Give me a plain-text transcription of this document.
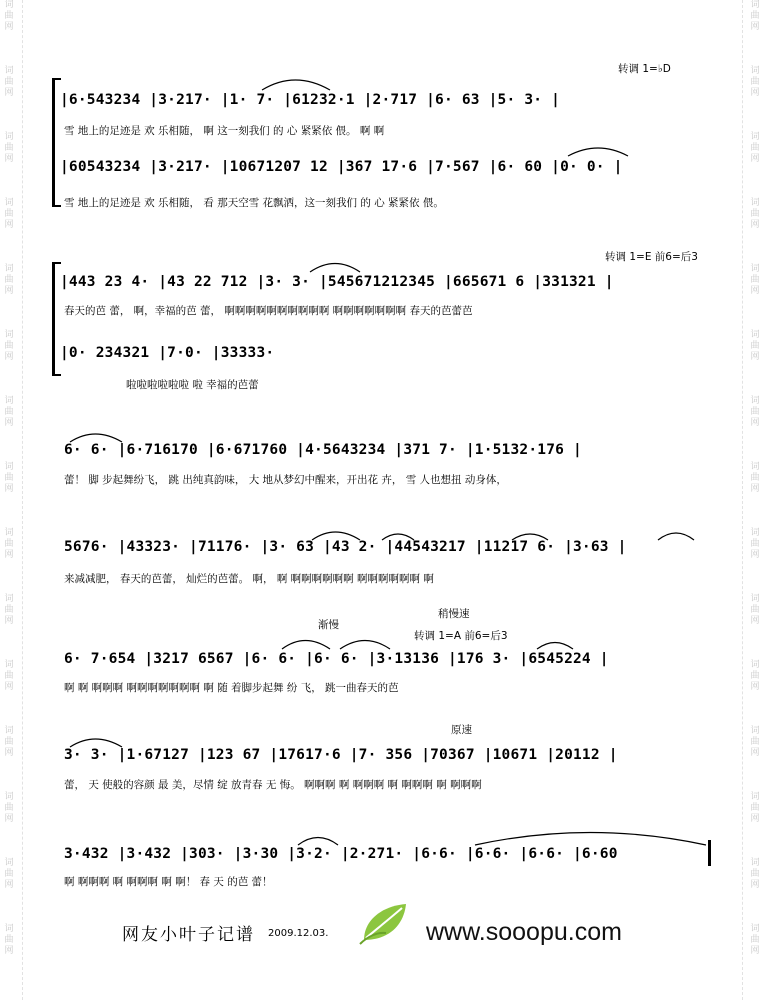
词
曲
网
词
曲
网
词
曲
网
词
曲
网
词
曲
网
词
曲
网
词
曲
网
词
曲
网
词
曲
网
词
曲
网
词
曲
网
词
曲
网
词
曲
网
词
曲
网
词
曲
网
词
曲
网
词
曲
网
词
曲
网
词
曲
网
词
曲
网
词
曲
网
词
曲
网
词
曲
网
词
曲
网
词
曲
网
词
曲
网
词
曲
网
词
曲
网
词
曲
网
词
曲
网
转调 1=♭D
|6·543234 |3·217· |1· 7· |61232·1 |2·717 |6· 63 |5· 3· |
雪 地上的足迹是 欢 乐相随， 啊 这一刻我们 的 心 紧紧依 偎。 啊 啊
|60543234 |3·217· |10671207 12 |367 17·6 |7·567 |6· 60 |0· 0· |
雪 地上的足迹是 欢 乐相随， 看 那天空雪 花飘洒，这一刻我们 的 心 紧紧依 偎。
转调 1=E 前6=后3
|443 23 4· |43 22 712 |3· 3· |545671212345 |665671 6 |331321 |
春天的芭 蕾， 啊，幸福的芭 蕾， 啊啊啊啊啊啊啊啊啊啊 啊啊啊啊啊啊啊 春天的芭蕾芭
|0· 234321 |7·0· |33333·
啦啦啦啦啦啦 啦 幸福的芭蕾
6· 6· |6·716170 |6·671760 |4·5643234 |371 7· |1·5132·176 |
蕾！ 脚 步起舞纷飞， 跳 出纯真韵味， 大 地从梦幻中醒来，开出花 卉， 雪 人也想扭 动身体，
5676· |43323· |71176· |3· 63 |43 2· |44543217 |11217 6· |3·63 |
来减减肥， 春天的芭蕾， 灿烂的芭蕾。 啊， 啊 啊啊啊啊啊啊 啊啊啊啊啊啊 啊
渐慢
稍慢速
转调 1=A 前6=后3
6· 7·654 |3217 6567 |6· 6· |6· 6· |3·13136 |176 3· |6545224 |
啊 啊 啊啊啊 啊啊啊啊啊啊啊 啊 随 着脚步起舞 纷 飞， 跳一曲春天的芭
原速
3· 3· |1·67127 |123 67 |17617·6 |7· 356 |70367 |10671 |20112 |
蕾， 天 使般的容颜 最 美，尽情 绽 放青春 无 悔。 啊啊啊 啊 啊啊啊 啊 啊啊啊 啊 啊啊啊
3·432 |3·432 |303· |3·30 |3·2· |2·271· |6·6· |6·6· |6·6· |6·60
啊 啊啊啊 啊 啊啊啊 啊 啊！ 春 天 的芭 蕾！
网友小叶子记谱 2009.12.03.	www.sooopu.com
